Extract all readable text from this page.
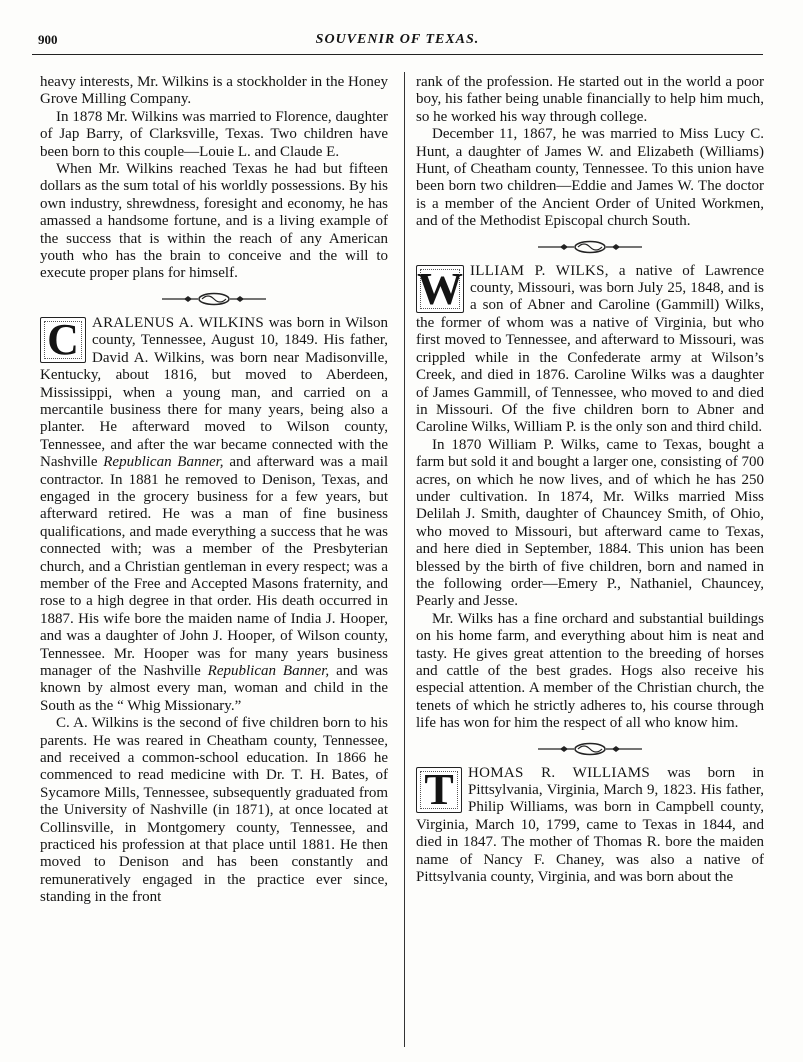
900	SOUVENIR OF TEXAS.

heavy interests, Mr. Wilkins is a stockholder in the Honey Grove Milling Company.

In 1878 Mr. Wilkins was married to Florence, daughter of Jap Barry, of Clarksville, Texas. Two children have been born to this couple—Louie L. and Claude E.

When Mr. Wilkins reached Texas he had but fifteen dollars as the sum total of his worldly possessions. By his own industry, shrewdness, foresight and economy, he has amassed a handsome fortune, and is a living example of the success that is within the reach of any American youth who has the brain to conceive and the will to execute proper plans for himself.

C ARALENUS A. WILKINS was born in Wilson county, Tennessee, August 10, 1849. His father, David A. Wilkins, was born near Madisonville, Kentucky, about 1816, but moved to Aberdeen, Mississippi, when a young man, and carried on a mercantile business there for many years, being also a planter. He afterward moved to Wilson county, Tennessee, and after the war became connected with the Nashville Republican Banner, and afterward was a mail contractor. In 1881 he removed to Denison, Texas, and engaged in the grocery business for a few years, but afterward retired. He was a man of fine business qualifications, and made everything a success that he was connected with; was a member of the Presbyterian church, and a Christian gentleman in every respect; was a member of the Free and Accepted Masons fraternity, and rose to a high degree in that order. His death occurred in 1887. His wife bore the maiden name of India J. Hooper, and was a daughter of John J. Hooper, of Wilson county, Tennessee. Mr. Hooper was for many years business manager of the Nashville Republican Banner, and was known by almost every man, woman and child in the South as the “ Whig Missionary.”

C. A. Wilkins is the second of five children born to his parents. He was reared in Cheatham county, Tennessee, and received a common-school education. In 1866 he commenced to read medicine with Dr. T. H. Bates, of Sycamore Mills, Tennessee, subsequently graduated from the University of Nashville (in 1871), at once located at Collinsville, in Montgomery county, Tennessee, and practiced his profession at that place until 1881. He then moved to Denison and has been constantly and remuneratively engaged in the practice ever since, standing in the front

rank of the profession. He started out in the world a poor boy, his father being unable financially to help him much, so he worked his way through college.

December 11, 1867, he was married to Miss Lucy C. Hunt, a daughter of James W. and Elizabeth (Williams) Hunt, of Cheatham county, Tennessee. To this union have been born two children—Eddie and James W. The doctor is a member of the Ancient Order of United Workmen, and of the Methodist Episcopal church South.

W ILLIAM P. WILKS, a native of Lawrence county, Missouri, was born July 25, 1848, and is a son of Abner and Caroline (Gammill) Wilks, the former of whom was a native of Virginia, but who first moved to Tennessee, and afterward to Missouri, was crippled while in the Confederate army at Wilson’s Creek, and died in 1876. Caroline Wilks was a daughter of James Gammill, of Tennessee, who moved to and died in Missouri. Of the five children born to Abner and Caroline Wilks, William P. is the only son and third child.

In 1870 William P. Wilks, came to Texas, bought a farm but sold it and bought a larger one, consisting of 700 acres, on which he now lives, and of which he has 250 under cultivation. In 1874, Mr. Wilks married Miss Delilah J. Smith, daughter of Chauncey Smith, of Ohio, who moved to Missouri, but afterward came to Texas, and here died in September, 1884. This union has been blessed by the birth of five children, born and named in the following order—Emery P., Nathaniel, Chauncey, Pearly and Jesse.

Mr. Wilks has a fine orchard and substantial buildings on his home farm, and everything about him is neat and tasty. He gives great attention to the breeding of horses and cattle of the best grades. Hogs also receive his especial attention. A member of the Christian church, the tenets of which he strictly adheres to, his course through life has won for him the respect of all who know him.

T HOMAS R. WILLIAMS was born in Pittsylvania, Virginia, March 9, 1823. His father, Philip Williams, was born in Campbell county, Virginia, March 10, 1799, came to Texas in 1844, and died in 1847. The mother of Thomas R. bore the maiden name of Nancy F. Chaney, was also a native of Pittsylvania county, Virginia, and was born about the
